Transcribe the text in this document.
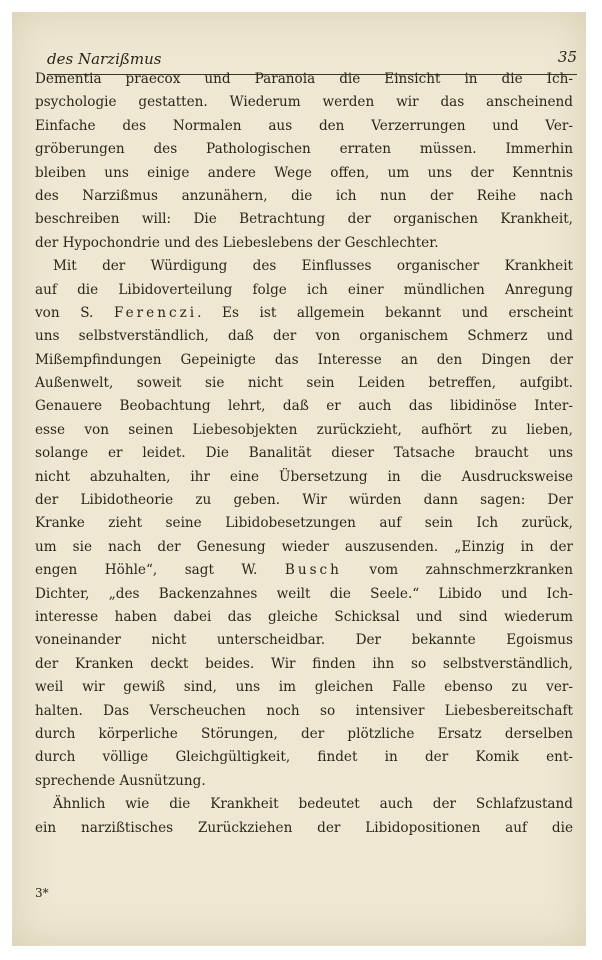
des Narzißmus	35
Dementia praecox und Paranoia die Einsicht in die Ich-
psychologie gestatten. Wiederum werden wir das anscheinend
Einfache des Normalen aus den Verzerrungen und Ver-
gröberungen des Pathologischen erraten müssen. Immerhin
bleiben uns einige andere Wege offen, um uns der Kenntnis
des Narzißmus anzunähern, die ich nun der Reihe nach
beschreiben will: Die Betrachtung der organischen Krankheit,
der Hypochondrie und des Liebeslebens der Geschlechter.
Mit der Würdigung des Einflusses organischer Krankheit
auf die Libidoverteilung folge ich einer mündlichen Anregung
von S. Ferenczi. Es ist allgemein bekannt und erscheint
uns selbstverständlich, daß der von organischem Schmerz und
Mißempfindungen Gepeinigte das Interesse an den Dingen der
Außenwelt, soweit sie nicht sein Leiden betreffen, aufgibt.
Genauere Beobachtung lehrt, daß er auch das libidinöse Inter-
esse von seinen Liebesobjekten zurückzieht, aufhört zu lieben,
solange er leidet. Die Banalität dieser Tatsache braucht uns
nicht abzuhalten, ihr eine Übersetzung in die Ausdrucksweise
der Libidotheorie zu geben. Wir würden dann sagen: Der
Kranke zieht seine Libidobesetzungen auf sein Ich zurück,
um sie nach der Genesung wieder auszusenden. „Einzig in der
engen Höhle“, sagt W. Busch vom zahnschmerzkranken
Dichter, „des Backenzahnes weilt die Seele.“ Libido und Ich-
interesse haben dabei das gleiche Schicksal und sind wiederum
voneinander nicht unterscheidbar. Der bekannte Egoismus
der Kranken deckt beides. Wir finden ihn so selbstverständlich,
weil wir gewiß sind, uns im gleichen Falle ebenso zu ver-
halten. Das Verscheuchen noch so intensiver Liebesbereitschaft
durch körperliche Störungen, der plötzliche Ersatz derselben
durch völlige Gleichgültigkeit, findet in der Komik ent-
sprechende Ausnützung.
Ähnlich wie die Krankheit bedeutet auch der Schlafzustand
ein narzißtisches Zurückziehen der Libidopositionen auf die
3*
